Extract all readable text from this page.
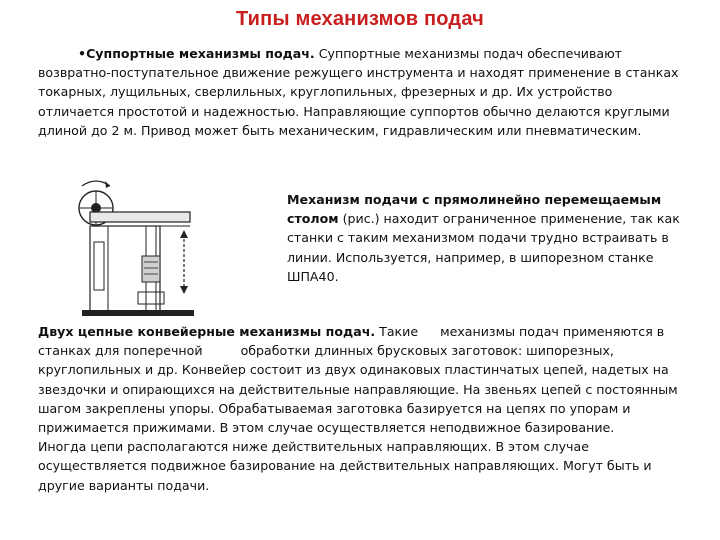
Типы механизмов подач

•Суппортные механизмы подач. Суппортные механизмы подач обеспечивают возвратно-поступательное движение режущего инструмента и находят применение в станках токарных, лущильных, сверлильных, круглопильных, фрезерных и др. Их устройство отличается простотой и надежностью. Направляющие суппортов обычно делаются круглыми длиной до 2 м. Привод может быть механическим, гидравлическим или пневматическим.

Механизм подачи с прямолинейно перемещаемым столом (рис.) находит ограниченное применение, так как станки с таким механизмом подачи трудно встраивать в линии. Используется, например, в шипорезном станке ШПА40.

Двух цепные конвейерные механизмы подач. Такие механизмы подач применяются в станках для поперечной	обработки длинных брусковых заготовок: шипорезных, круглопильных и др. Конвейер состоит из двух одинаковых пластинчатых цепей, надетых на звездочки и опирающихся на действительные направляющие. На звеньях цепей с постоянным шагом закреплены упоры. Обрабатываемая заготовка базируется на цепях по упорам и прижимается прижимами. В этом случае осуществляется неподвижное базирование.
Иногда цепи располагаются ниже действительных направляющих. В этом случае осуществляется подвижное базирование на действительных направляющих. Могут быть и другие варианты подачи.
